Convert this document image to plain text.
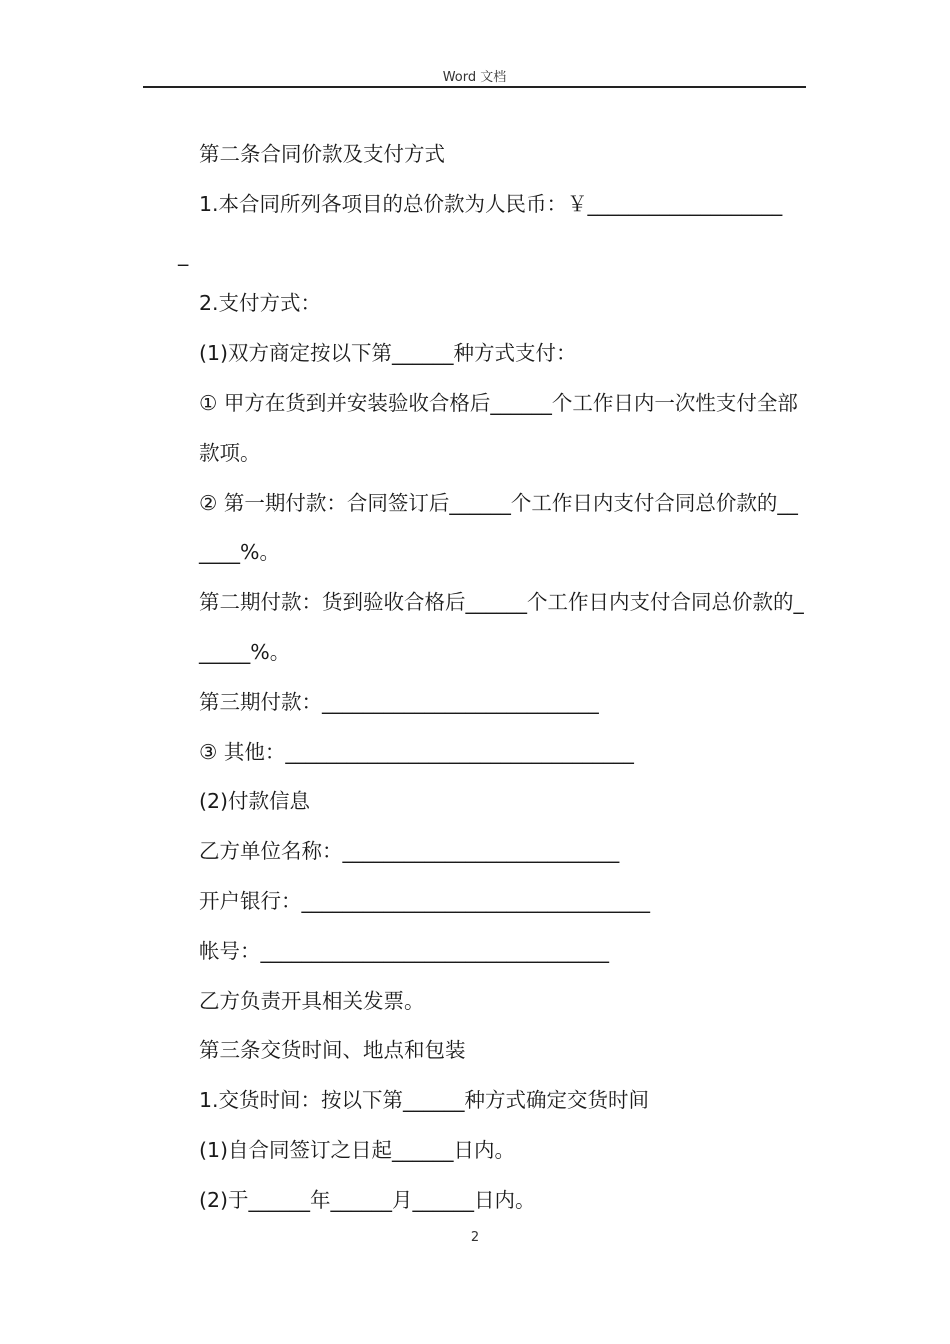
Word 文档

第二条合同价款及支付方式

1.本合同所列各项目的总价款为人民币：￥___________________

_

2.支付方式：

(1)双方商定按以下第______种方式支付：

① 甲方在货到并安装验收合格后______个工作日内一次性支付全部款项。

② 第一期付款：合同签订后______个工作日内支付合同总价款的______%。

第二期付款：货到验收合格后______个工作日内支付合同总价款的______%。

第三期付款：___________________________

③ 其他：__________________________________

(2)付款信息

乙方单位名称：___________________________

开户银行：__________________________________

帐号：__________________________________

乙方负责开具相关发票。

第三条交货时间、地点和包装

1.交货时间：按以下第______种方式确定交货时间

(1)自合同签订之日起______日内。

(2)于______年______月______日内。

2
